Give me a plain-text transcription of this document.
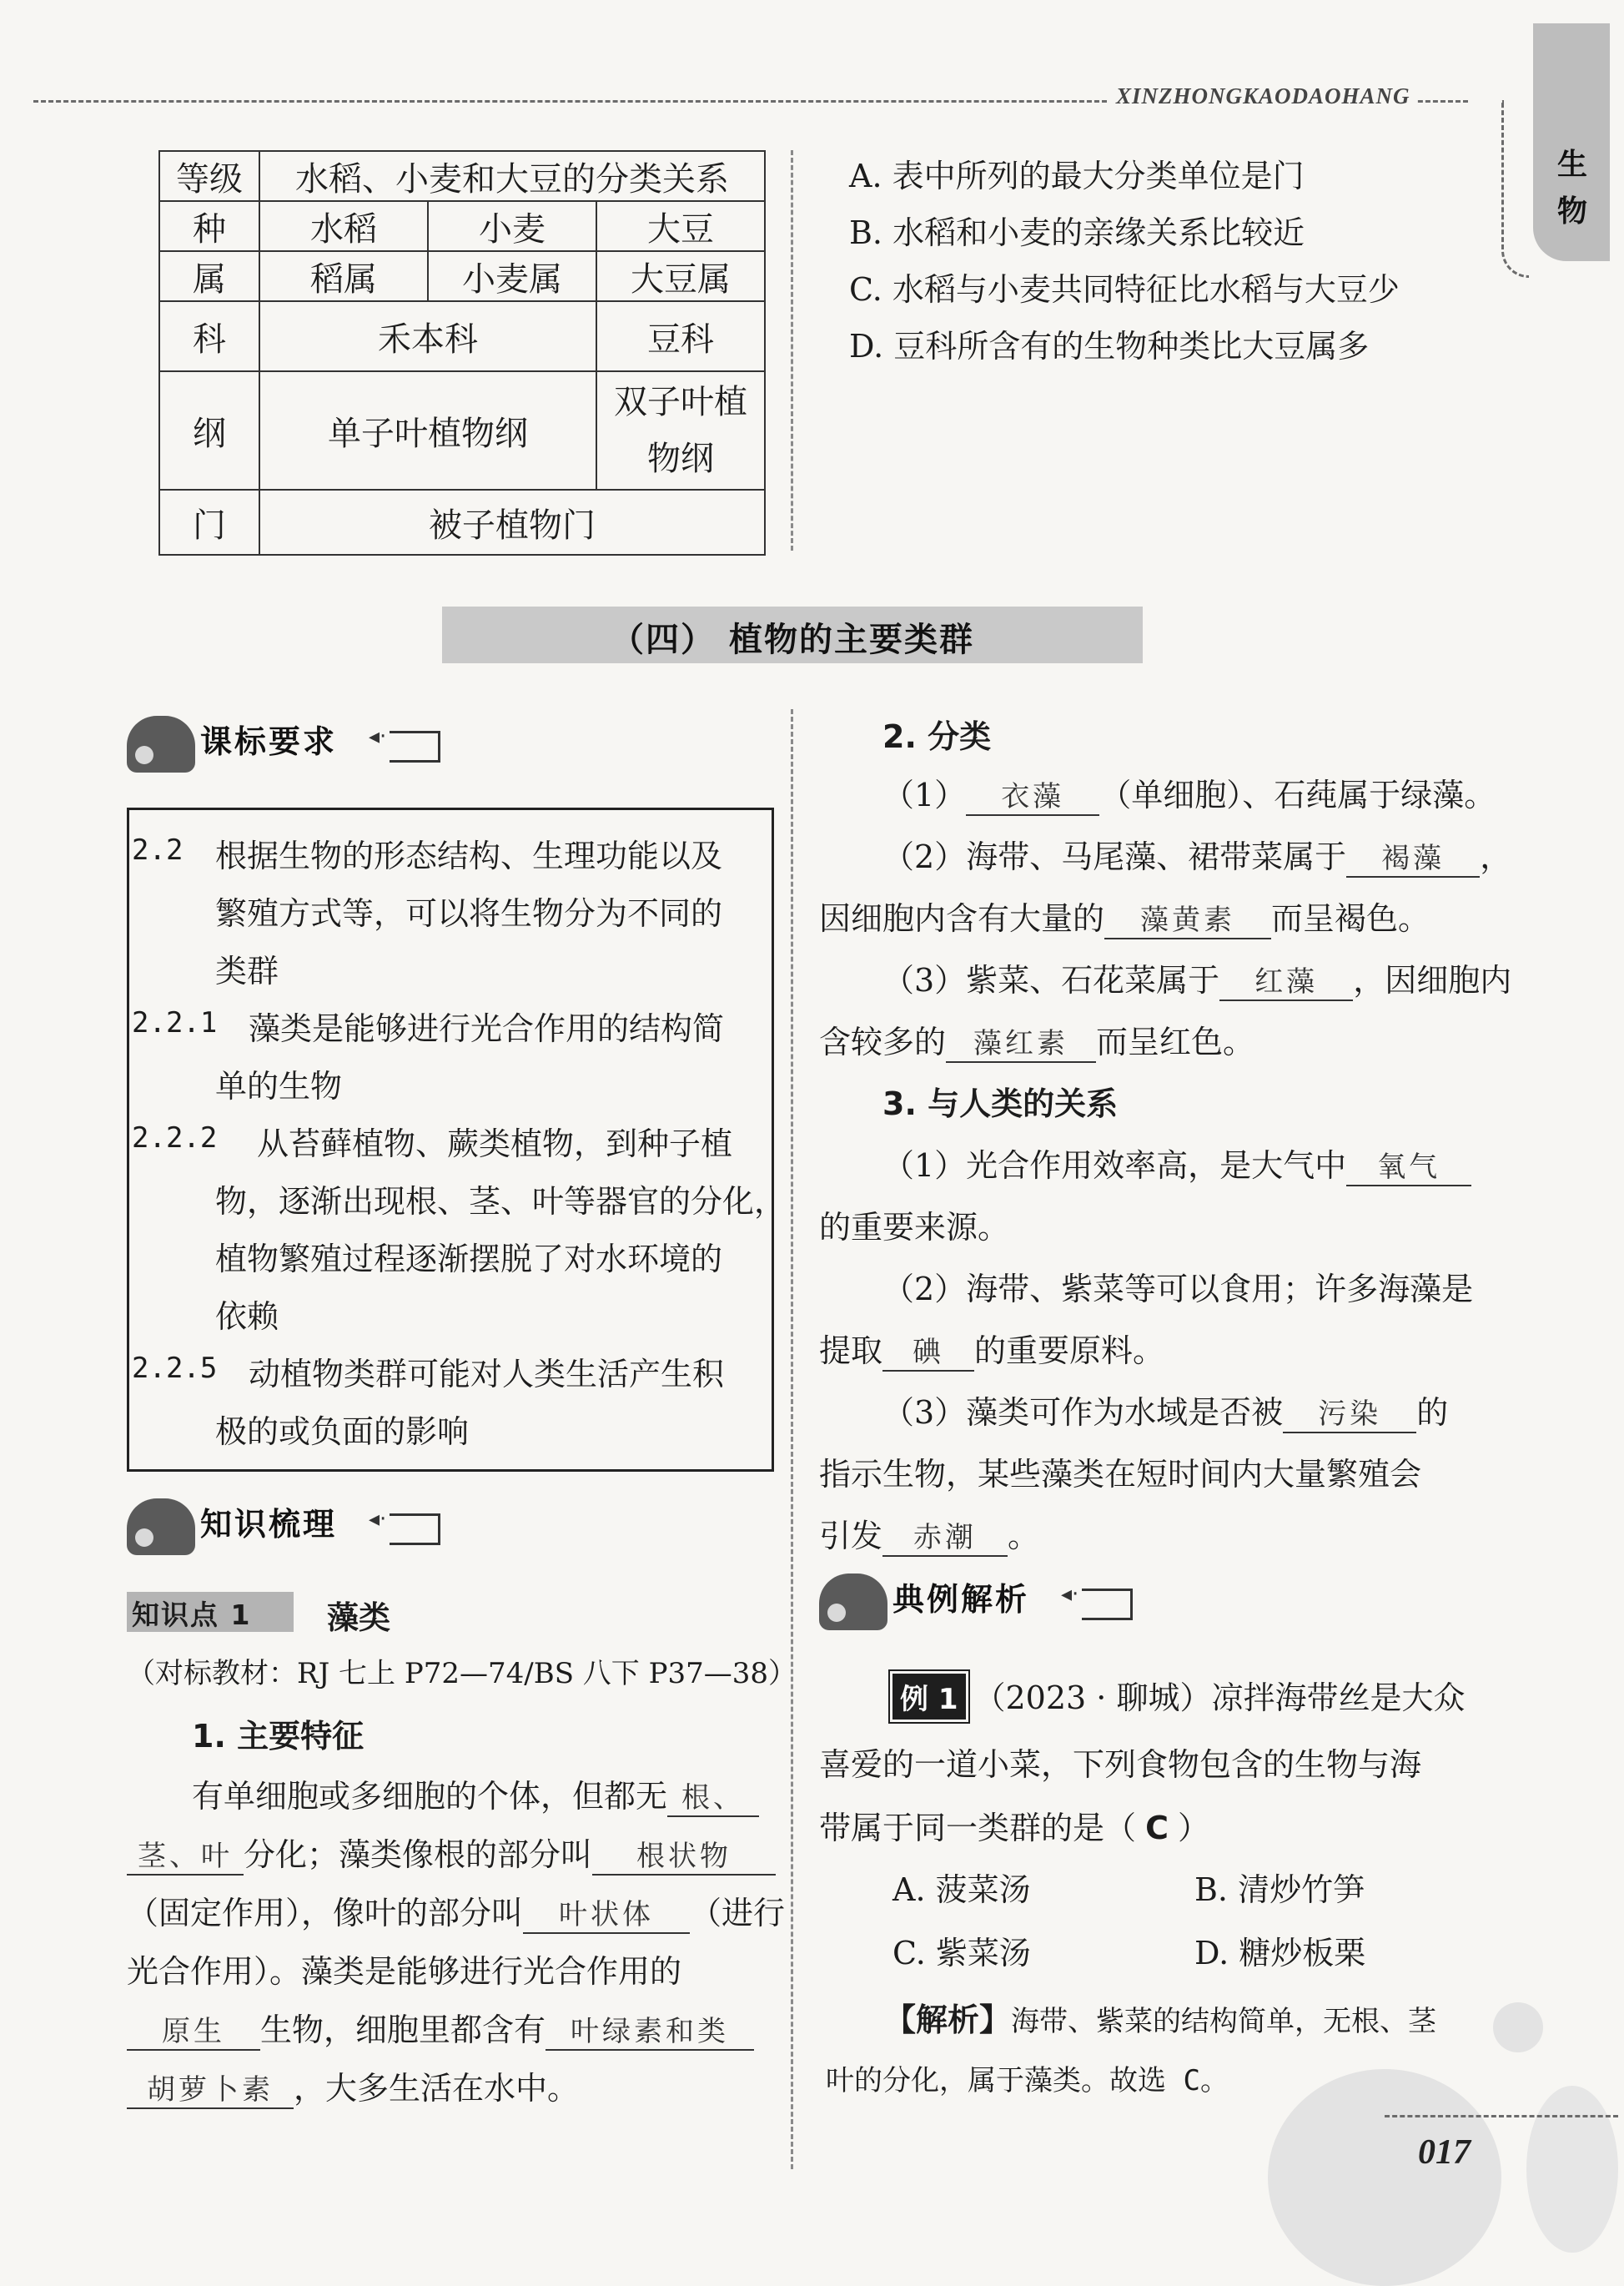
XINZHONGKAODAOHANG
生物
等级	水稻、小麦和大豆的分类关系		
种	水稻	小麦	大豆
属	稻属	小麦属	大豆属
科	禾本科		豆科
纲	单子叶植物纲		双子叶植物纲
门	被子植物门		
A. 表中所列的最大分类单位是门
B. 水稻和小麦的亲缘关系比较近
C. 水稻与小麦共同特征比水稻与大豆少
D. 豆科所含有的生物种类比大豆属多
（四） 植物的主要类群
课标要求 ◂·
2.2 根据生物的形态结构、生理功能以及
繁殖方式等，可以将生物分为不同的
类群
2.2.1 藻类是能够进行光合作用的结构简
单的生物
2.2.2 从苔藓植物、蕨类植物，到种子植
物，逐渐出现根、茎、叶等器官的分化，
植物繁殖过程逐渐摆脱了对水环境的
依赖
2.2.5 动植物类群可能对人类生活产生积
极的或负面的影响
知识梳理 ◂·
知识点 1 藻类
（对标教材：RJ 七上 P72—74/BS 八下 P37—38）
1. 主要特征
有单细胞或多细胞的个体，但都无 根、
茎、叶 分化；藻类像根的部分叫 根状物
（固定作用），像叶的部分叫 叶状体 （进行
光合作用）。藻类是能够进行光合作用的
原生 生物，细胞里都含有 叶绿素和类
胡萝卜素 ，大多生活在水中。
2. 分类
（1） 衣藻 （单细胞）、石莼属于绿藻。
（2）海带、马尾藻、裙带菜属于 褐藻 ，
因细胞内含有大量的 藻黄素 而呈褐色。
（3）紫菜、石花菜属于 红藻 ，因细胞内
含较多的 藻红素 而呈红色。
3. 与人类的关系
（1）光合作用效率高，是大气中 氧气
的重要来源。
（2）海带、紫菜等可以食用；许多海藻是
提取 碘 的重要原料。
（3）藻类可作为水域是否被 污染 的
指示生物，某些藻类在短时间内大量繁殖会
引发 赤潮 。
典例解析 ◂·
例 1 （2023 · 聊城）凉拌海带丝是大众
喜爱的一道小菜，下列食物包含的生物与海
带属于同一类群的是（ C ）
A. 菠菜汤	B. 清炒竹笋
C. 紫菜汤	D. 糖炒板栗
【解析】海带、紫菜的结构简单，无根、茎
叶的分化，属于藻类。故选 C。
017
